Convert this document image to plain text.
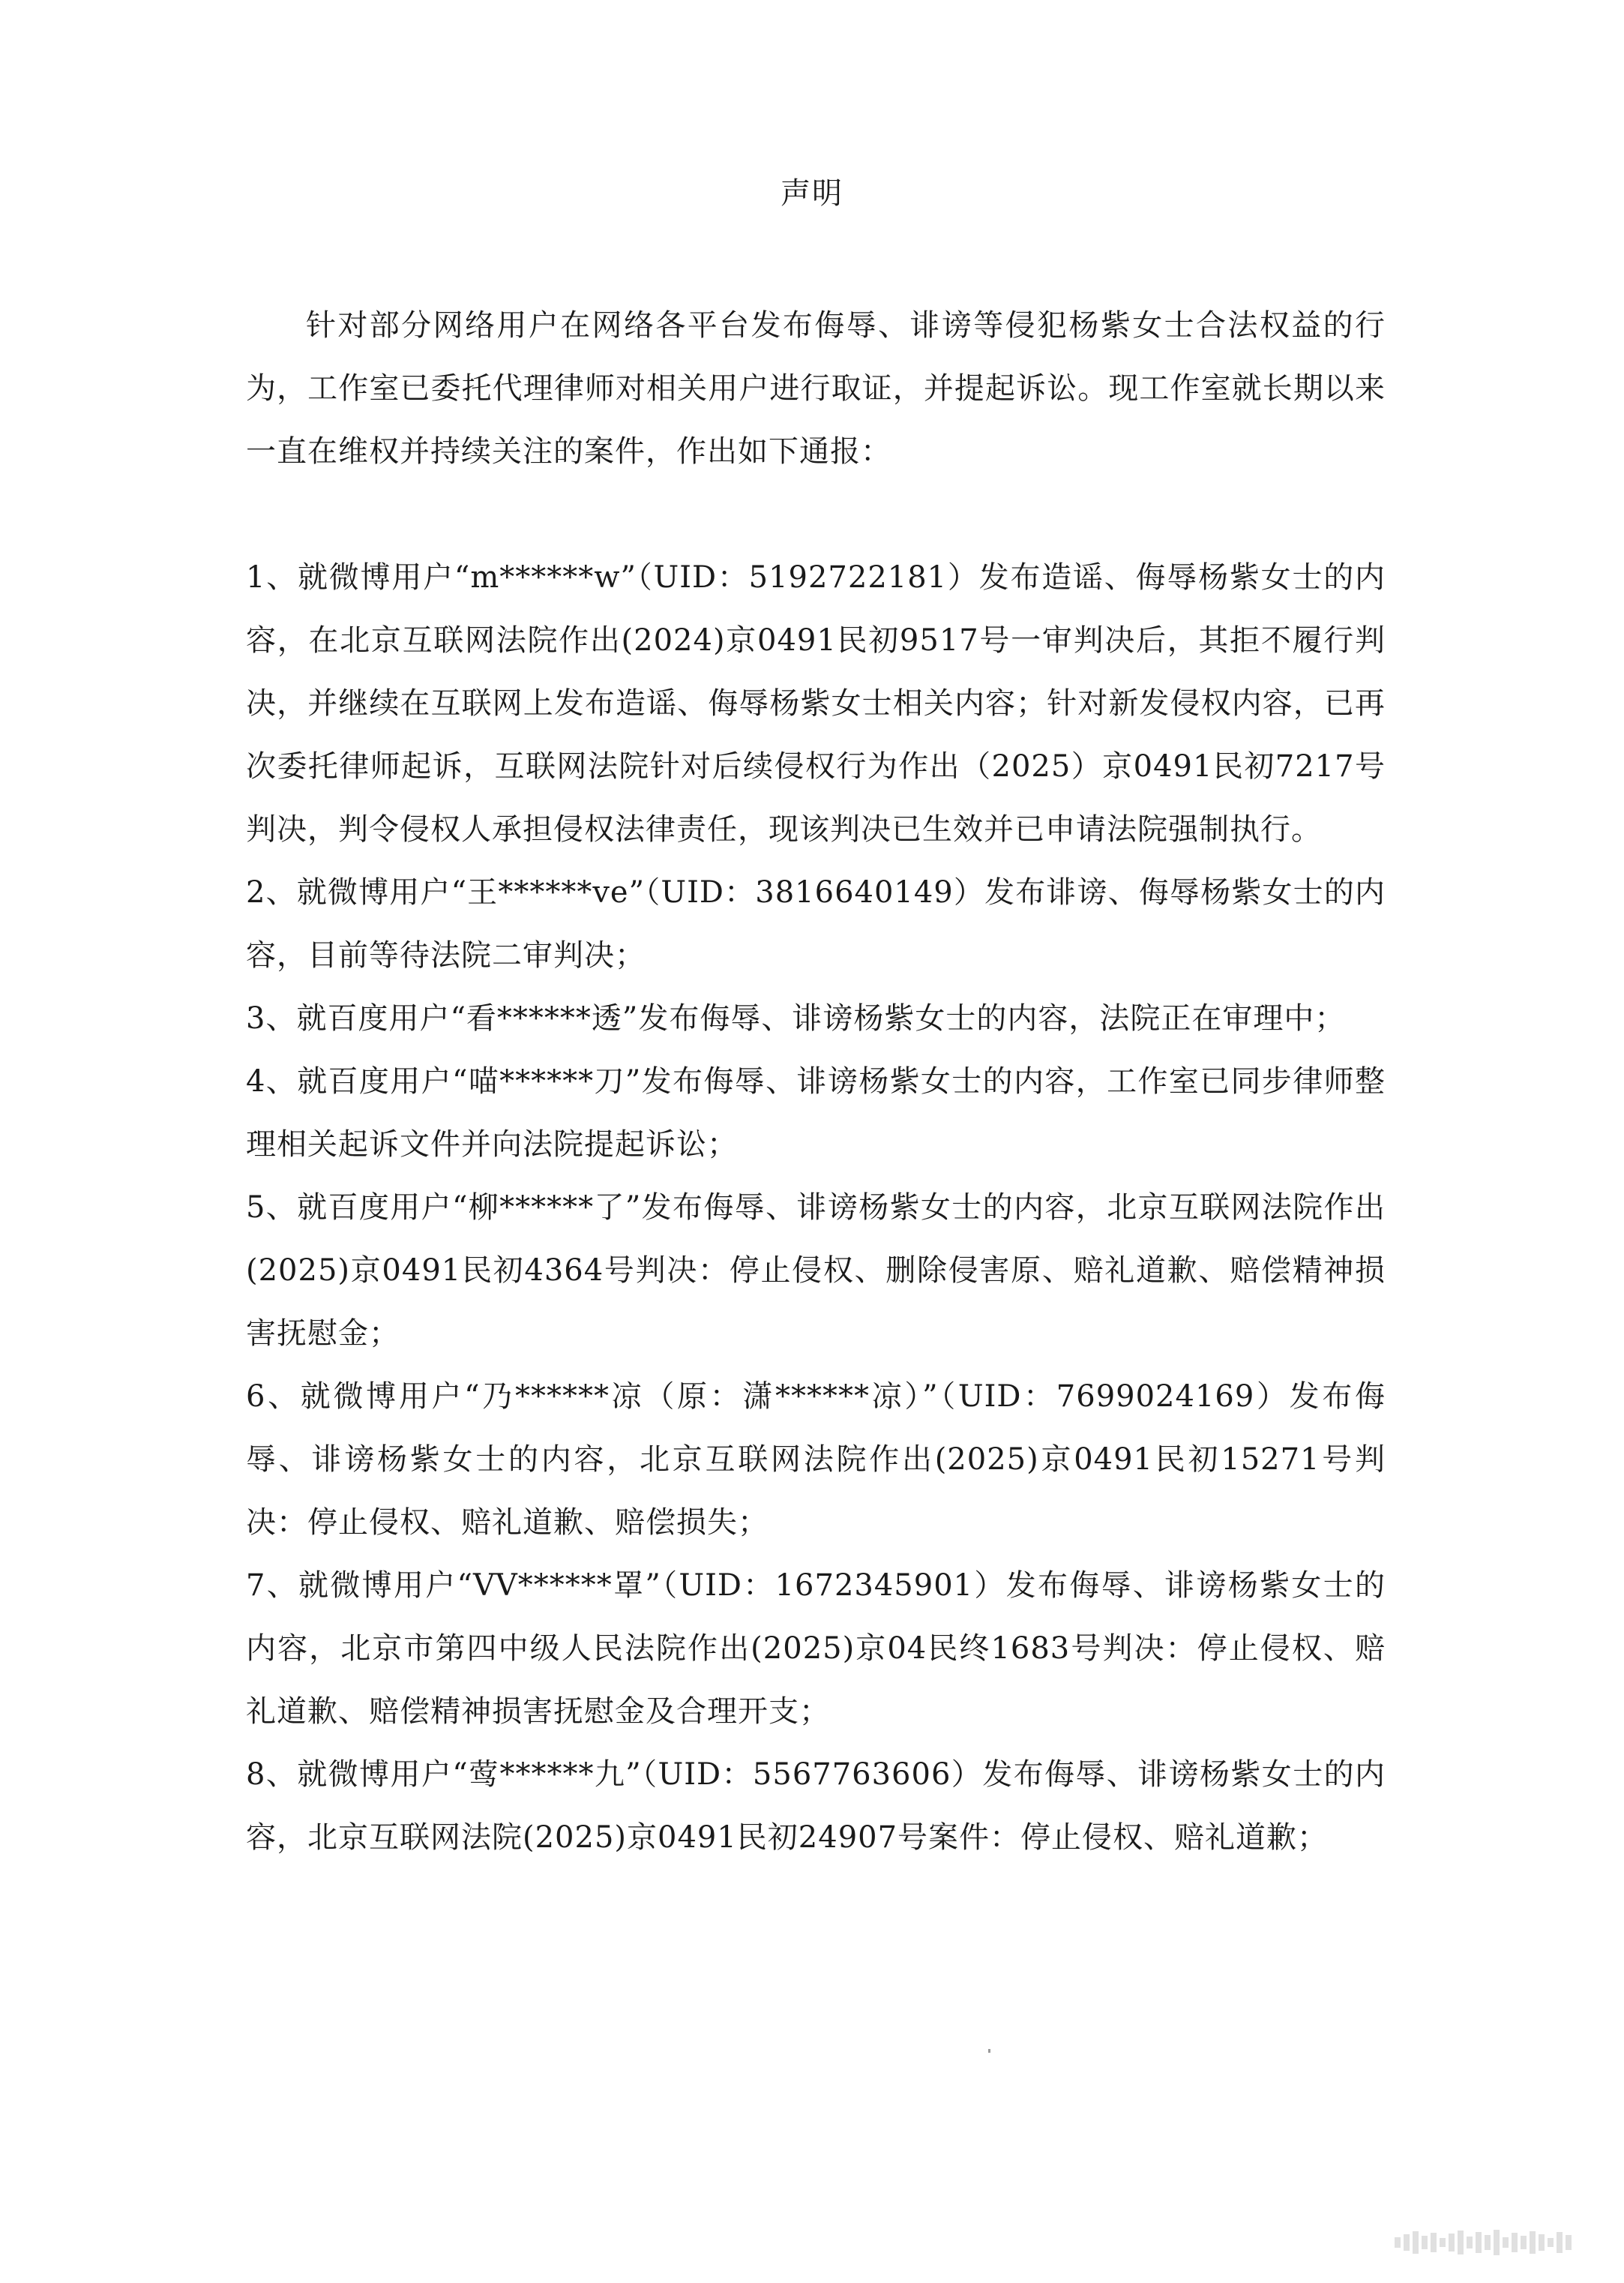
声明

针对部分网络用户在网络各平台发布侮辱、诽谤等侵犯杨紫女士合法权益的行为，工作室已委托代理律师对相关用户进行取证，并提起诉讼。现工作室就长期以来一直在维权并持续关注的案件，作出如下通报：

1、就微博用户“m******w”（UID：5192722181）发布造谣、侮辱杨紫女士的内容，在北京互联网法院作出(2024)京0491民初9517号一审判决后，其拒不履行判决，并继续在互联网上发布造谣、侮辱杨紫女士相关内容；针对新发侵权内容，已再次委托律师起诉，互联网法院针对后续侵权行为作出（2025）京0491民初7217号判决，判令侵权人承担侵权法律责任，现该判决已生效并已申请法院强制执行。

2、就微博用户“王******ve”（UID：3816640149）发布诽谤、侮辱杨紫女士的内容，目前等待法院二审判决；

3、就百度用户“看******透”发布侮辱、诽谤杨紫女士的内容，法院正在审理中；

4、就百度用户“喵******刀”发布侮辱、诽谤杨紫女士的内容，工作室已同步律师整理相关起诉文件并向法院提起诉讼；

5、就百度用户“柳******了”发布侮辱、诽谤杨紫女士的内容，北京互联网法院作出(2025)京0491民初4364号判决：停止侵权、删除侵害原、赔礼道歉、赔偿精神损害抚慰金；

6、就微博用户“乃******凉（原：潇******凉）”（UID：7699024169）发布侮辱、诽谤杨紫女士的内容，北京互联网法院作出(2025)京0491民初15271号判决：停止侵权、赔礼道歉、赔偿损失；

7、就微博用户“VV******罩”（UID：1672345901）发布侮辱、诽谤杨紫女士的内容，北京市第四中级人民法院作出(2025)京04民终1683号判决：停止侵权、赔礼道歉、赔偿精神损害抚慰金及合理开支；

8、就微博用户“莺******九”（UID：5567763606）发布侮辱、诽谤杨紫女士的内容，北京互联网法院(2025)京0491民初24907号案件：停止侵权、赔礼道歉；
